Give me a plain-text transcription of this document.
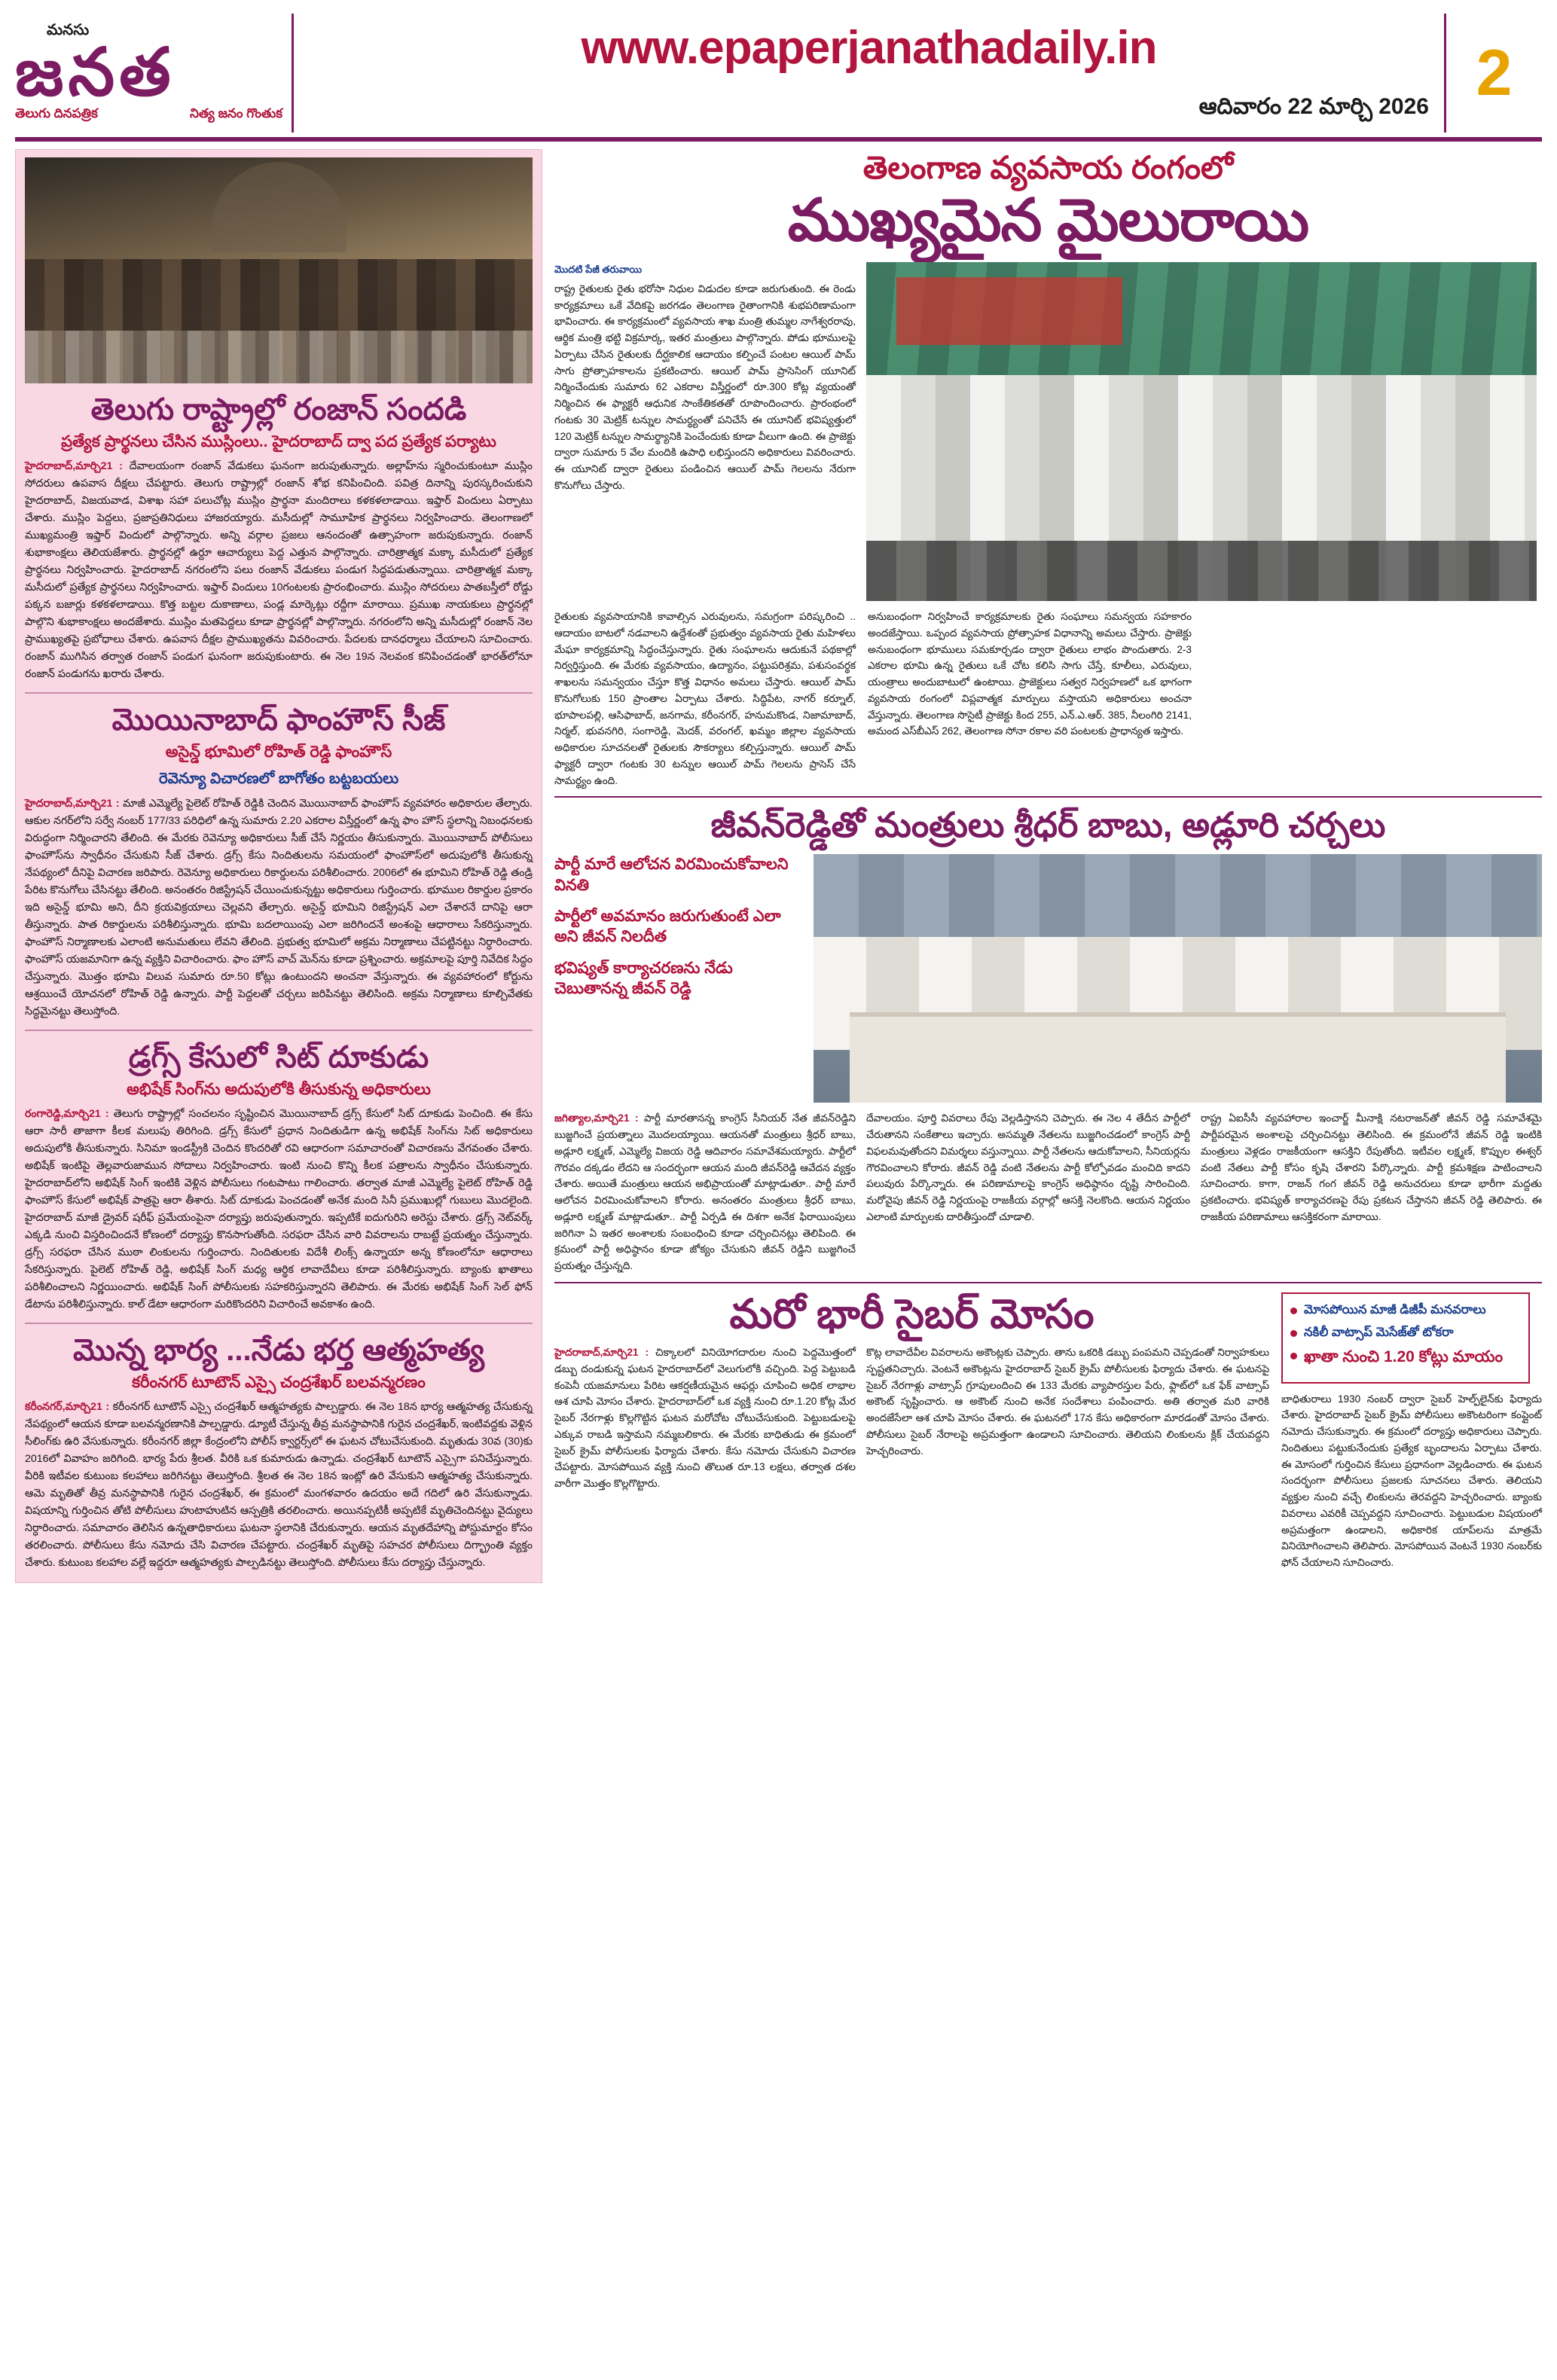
మనసు
జనత
తెలుగు దినపత్రిక	నిత్య జనం గొంతుక
www.epaperjanathadaily.in
ఆదివారం 22 మార్చి 2026 2
తెలుగు రాష్ట్రాల్లో రంజాన్ సందడి
ప్రత్యేక ప్రార్థనలు చేసిన ముస్లింలు.. హైదరాబాద్ ద్వా పద ప్రత్యేక పర్యాటు
హైదరాబాద్,మార్చి21 : దేవాలయంగా రంజాన్ వేడుకలు ఘనంగా జరుపుతున్నారు. అల్లాహ్‌ను స్మరించుకుంటూ ముస్లిం సోదరులు ఉపవాస దీక్షలు చేపట్టారు. తెలుగు రాష్ట్రాల్లో రంజాన్ శోభ కనిపించింది. పవిత్ర దినాన్ని పురస్కరించుకుని హైదరాబాద్, విజయవాడ, విశాఖ సహా పలుచోట్ల ముస్లిం ప్రార్థనా మందిరాలు కళకళలాడాయి. ఇఫ్తార్ విందులు ఏర్పాటు చేశారు. ముస్లిం పెద్దలు, ప్రజాప్రతినిధులు హాజరయ్యారు. మసీదుల్లో సామూహిక ప్రార్థనలు నిర్వహించారు. తెలంగాణలో ముఖ్యమంత్రి ఇఫ్తార్ విందులో పాల్గొన్నారు. అన్ని వర్గాల ప్రజలు ఆనందంతో ఉత్సాహంగా జరుపుకున్నారు. రంజాన్ శుభాకాంక్షలు తెలియజేశారు. ప్రార్థనల్లో ఉర్దూ ఆచార్యులు పెద్ద ఎత్తున పాల్గొన్నారు. చారిత్రాత్మక మక్కా మసీదులో ప్రత్యేక ప్రార్థనలు నిర్వహించారు. హైదరాబాద్ నగరంలోని పలు రంజాన్ వేడుకలు పండుగ సిద్ధపడుతున్నాయి. చారిత్రాత్మక మక్కా మసీదులో ప్రత్యేక ప్రార్థనలు నిర్వహించారు. ఇఫ్తార్ విందులు 10గంటలకు ప్రారంభించారు. ముస్లిం సోదరులు పాతబస్తీలో రోడ్డు పక్కన బజార్లు కళకళలాడాయి. కొత్త బట్టల దుకాణాలు, పండ్ల మార్కెట్లు రద్దీగా మారాయి. ప్రముఖ నాయకులు ప్రార్థనల్లో పాల్గొని శుభాకాంక్షలు అందజేశారు. ముస్లిం మతపెద్దలు కూడా ప్రార్థనల్లో పాల్గొన్నారు. నగరంలోని అన్ని మసీదుల్లో రంజాన్ నెల ప్రాముఖ్యతపై ప్రబోధాలు చేశారు. ఉపవాస దీక్షల ప్రాముఖ్యతను వివరించారు. పేదలకు దానధర్మాలు చేయాలని సూచించారు. రంజాన్ ముగిసిన తర్వాత రంజాన్ పండుగ ఘనంగా జరుపుకుంటారు. ఈ నెల 19న నెలవంక కనిపించడంతో భారత్‌లోనూ రంజాన్ పండుగను ఖరారు చేశారు.
మొయినాబాద్ ఫాంహౌస్ సీజ్
అసైన్డ్ భూమిలో రోహిత్ రెడ్డి ఫాంహౌస్
రెవెన్యూ విచారణలో బాగోతం బట్టబయలు
హైదరాబాద్,మార్చి21 : మాజీ ఎమ్మెల్యే పైలెట్ రోహిత్ రెడ్డికి చెందిన మొయినాబాద్ ఫాంహౌస్ వ్యవహారం అధికారుల తేల్చారు. ఆకుల నగర్‌లోని సర్వే నంబర్ 177/33 పరిధిలో ఉన్న సుమారు 2.20 ఎకరాల విస్తీర్ణంలో ఉన్న ఫాం హౌస్ స్థలాన్ని నిబంధనలకు విరుద్ధంగా నిర్మించారని తేలింది. ఈ మేరకు రెవెన్యూ అధికారులు సీజ్ చేసే నిర్ణయం తీసుకున్నారు. మొయినాబాద్ పోలీసులు ఫాంహౌస్‌ను స్వాధీనం చేసుకుని సీజ్ చేశారు. డ్రగ్స్ కేసు నిందితులను సమయంలో ఫాంహౌస్‌లో అదుపులోకి తీసుకున్న నేపథ్యంలో దీనిపై విచారణ జరిపారు. రెవెన్యూ అధికారులు రికార్డులను పరిశీలించారు. 2006లో ఈ భూమిని రోహిత్ రెడ్డి తండ్రి పేరిట కొనుగోలు చేసినట్టు తేలింది. అనంతరం రిజిస్ట్రేషన్ చేయించుకున్నట్టు అధికారులు గుర్తించారు. భూముల రికార్డుల ప్రకారం ఇది అసైన్డ్ భూమి అని, దీని క్రయవిక్రయాలు చెల్లవని తేల్చారు. అసైన్డ్ భూమిని రిజిస్ట్రేషన్ ఎలా చేశారనే దానిపై ఆరా తీస్తున్నారు. పాత రికార్డులను పరిశీలిస్తున్నారు. భూమి బదలాయింపు ఎలా జరిగిందనే అంశంపై ఆధారాలు సేకరిస్తున్నారు. ఫాంహౌస్ నిర్మాణాలకు ఎలాంటి అనుమతులు లేవని తేలింది. ప్రభుత్వ భూమిలో అక్రమ నిర్మాణాలు చేపట్టినట్టు నిర్ధారించారు. ఫాంహౌస్ యజమానిగా ఉన్న వ్యక్తిని విచారించారు. ఫాం హౌస్ వాచ్ మెన్‌ను కూడా ప్రశ్నించారు. అక్రమాలపై పూర్తి నివేదిక సిద్ధం చేస్తున్నారు. మొత్తం భూమి విలువ సుమారు రూ.50 కోట్లు ఉంటుందని అంచనా వేస్తున్నారు. ఈ వ్యవహారంలో కోర్టును ఆశ్రయించే యోచనలో రోహిత్ రెడ్డి ఉన్నారు. పార్టీ పెద్దలతో చర్చలు జరిపినట్టు తెలిసింది. అక్రమ నిర్మాణాలు కూల్చివేతకు సిద్ధమైనట్టు తెలుస్తోంది.
డ్రగ్స్ కేసులో సిట్ దూకుడు
అభిషేక్ సింగ్‌ను అదుపులోకి తీసుకున్న అధికారులు
రంగారెడ్డి,మార్చి21 : తెలుగు రాష్ట్రాల్లో సంచలనం సృష్టించిన మొయినాబాద్ డ్రగ్స్ కేసులో సిట్ దూకుడు పెంచింది. ఈ కేసు ఆరా సారీ తాజాగా కీలక మలుపు తిరిగింది. డ్రగ్స్ కేసులో ప్రధాన నిందితుడిగా ఉన్న అభిషేక్ సింగ్‌ను సిట్ అధికారులు అదుపులోకి తీసుకున్నారు. సినిమా ఇండస్ట్రీకి చెందిన కొందరితో రవి ఆధారంగా సమాచారంతో విచారణను వేగవంతం చేశారు. అభిషేక్ ఇంటిపై తెల్లవారుజామున సోదాలు నిర్వహించారు. ఇంటి నుంచి కొన్ని కీలక పత్రాలను స్వాధీనం చేసుకున్నారు. హైదరాబాద్‌లోని అభిషేక్ సింగ్ ఇంటికి వెళ్లిన పోలీసులు గంటపాటు గాలించారు. తర్వాత మాజీ ఎమ్మెల్యే పైలెట్ రోహిత్ రెడ్డి ఫాంహౌస్ కేసులో అభిషేక్ పాత్రపై ఆరా తీశారు. సిట్ దూకుడు పెంచడంతో అనేక మంది సినీ ప్రముఖుల్లో గుబులు మొదలైంది. హైదరాబాద్ మాజీ డ్రైవర్ షరీఫ్ ప్రమేయంపైనా దర్యాప్తు జరుపుతున్నారు. ఇప్పటికే ఐదుగురిని అరెస్టు చేశారు. డ్రగ్స్ నెట్‌వర్క్ ఎక్కడి నుంచి విస్తరించిందనే కోణంలో దర్యాప్తు కొనసాగుతోంది. సరఫరా చేసిన వారి వివరాలను రాబట్టే ప్రయత్నం చేస్తున్నారు. డ్రగ్స్ సరఫరా చేసిన ముఠా లింకులను గుర్తించారు. నిందితులకు విదేశీ లింక్స్ ఉన్నాయా అన్న కోణంలోనూ ఆధారాలు సేకరిస్తున్నారు. పైలెట్ రోహిత్ రెడ్డి, అభిషేక్ సింగ్ మధ్య ఆర్థిక లావాదేవీలు కూడా పరిశీలిస్తున్నారు. బ్యాంకు ఖాతాలు పరిశీలించాలని నిర్ణయించారు. అభిషేక్ సింగ్ పోలీసులకు సహకరిస్తున్నారని తెలిపారు. ఈ మేరకు అభిషేక్ సింగ్ సెల్ ఫోన్ డేటాను పరిశీలిస్తున్నారు. కాల్ డేటా ఆధారంగా మరికొందరిని విచారించే అవకాశం ఉంది.
మొన్న భార్య ...నేడు భర్త ఆత్మహత్య
కరీంనగర్ టూటౌన్ ఎస్సై చంద్రశేఖర్ బలవన్మరణం
కరీంనగర్,మార్చి21 : కరీంనగర్ టూటౌన్ ఎస్సై చంద్రశేఖర్ ఆత్మహత్యకు పాల్పడ్డారు. ఈ నెల 18న భార్య ఆత్మహత్య చేసుకున్న నేపథ్యంలో ఆయన కూడా బలవన్మరణానికి పాల్పడ్డారు. డ్యూటీ చేస్తున్న తీవ్ర మనస్థాపానికి గురైన చంద్రశేఖర్, ఇంటివద్దకు వెళ్లిన సీలింగ్‌కు ఉరి వేసుకున్నారు. కరీంనగర్ జిల్లా కేంద్రంలోని పోలీస్ క్వార్టర్స్‌లో ఈ ఘటన చోటుచేసుకుంది. మృతుడు 30వ (30)కు 2016లో వివాహం జరిగింది. భార్య పేరు శ్రీలత. వీరికి ఒక కుమారుడు ఉన్నాడు. చంద్రశేఖర్ టూటౌన్ ఎస్సైగా పనిచేస్తున్నారు. వీరికి ఇటీవల కుటుంబ కలహాలు జరిగినట్టు తెలుస్తోంది. శ్రీలత ఈ నెల 18న ఇంట్లో ఉరి వేసుకుని ఆత్మహత్య చేసుకున్నారు. ఆమె మృతితో తీవ్ర మనస్థాపానికి గురైన చంద్రశేఖర్, ఈ క్రమంలో మంగళవారం ఉదయం అదే గదిలో ఉరి వేసుకున్నాడు. విషయాన్ని గుర్తించిన తోటి పోలీసులు హుటాహుటిన ఆస్పత్రికి తరలించారు. అయినప్పటికీ అప్పటికే మృతిచెందినట్టు వైద్యులు నిర్ధారించారు. సమాచారం తెలిసిన ఉన్నతాధికారులు ఘటనా స్థలానికి చేరుకున్నారు. ఆయన మృతదేహాన్ని పోస్టుమార్టం కోసం తరలించారు. పోలీసులు కేసు నమోదు చేసి విచారణ చేపట్టారు. చంద్రశేఖర్ మృతిపై సహచర పోలీసులు దిగ్భ్రాంతి వ్యక్తం చేశారు. కుటుంబ కలహాల వల్లే ఇద్దరూ ఆత్మహత్యకు పాల్పడినట్టు తెలుస్తోంది. పోలీసులు కేసు దర్యాప్తు చేస్తున్నారు.
తెలంగాణ వ్యవసాయ రంగంలో
ముఖ్యమైన మైలురాయి
మొదటి పేజీ తరువాయి
రాష్ట్ర రైతులకు రైతు భరోసా నిధుల విడుదల కూడా జరుగుతుంది. ఈ రెండు కార్యక్రమాలు ఒకే వేదికపై జరగడం తెలంగాణ రైతాంగానికి శుభపరిణామంగా భావించారు. ఈ కార్యక్రమంలో వ్యవసాయ శాఖ మంత్రి తుమ్మల నాగేశ్వరరావు, ఆర్థిక మంత్రి భట్టి విక్రమార్క, ఇతర మంత్రులు పాల్గొన్నారు. పోడు భూములపై ఏర్పాటు చేసిన రైతులకు దీర్ఘకాలిక ఆదాయం కల్పించే పంటల ఆయిల్ పామ్ సాగు ప్రోత్సాహకాలను ప్రకటించారు. ఆయిల్ పామ్ ప్రాసెసింగ్ యూనిట్ నిర్మించేందుకు సుమారు 62 ఎకరాల విస్తీర్ణంలో రూ.300 కోట్ల వ్యయంతో నిర్మించిన ఈ ఫ్యాక్టరీ ఆధునిక సాంకేతికతతో రూపొందించారు. ప్రారంభంలో గంటకు 30 మెట్రిక్ టన్నుల సామర్థ్యంతో పనిచేసే ఈ యూనిట్ భవిష్యత్తులో 120 మెట్రిక్ టన్నుల సామర్థ్యానికి పెంచేందుకు కూడా వీలుగా ఉంది. ఈ ప్రాజెక్టు ద్వారా సుమారు 5 వేల మందికి ఉపాధి లభిస్తుందని అధికారులు వివరించారు. ఈ యూనిట్ ద్వారా రైతులు పండించిన ఆయిల్ పామ్ గెలలను నేరుగా కొనుగోలు చేస్తారు.
రైతులకు వ్యవసాయానికి కావాల్సిన ఎరువులను, సమగ్రంగా పరిష్కరించి .. ఆదాయం బాటలో నడవాలని ఉద్దేశంతో ప్రభుత్వం వ్యవసాయ రైతు మహిళలు మేఘా కార్యక్రమాన్ని సిద్ధంచేస్తున్నారు. రైతు సంఘాలను ఆదుకునే పథకాల్లో నిర్వర్తిస్తుంది. ఈ మేరకు వ్యవసాయం, ఉద్యానం, పట్టుపరిశ్రమ, పశుసంవర్థక శాఖలను సమన్వయం చేస్తూ కొత్త విధానం అమలు చేస్తారు. ఆయిల్ పామ్ కొనుగోలుకు 150 ప్రాంతాల ఏర్పాటు చేశారు. సిద్ధిపేట, నాగర్ కర్నూల్, భూపాలపల్లి, ఆసిఫాబాద్, జనగామ, కరీంనగర్, హనుమకొండ, నిజామాబాద్, నిర్మల్, భువనగిరి, సంగారెడ్డి, మెదక్, వరంగల్, ఖమ్మం జిల్లాల వ్యవసాయ అధికారుల సూచనలతో రైతులకు సౌకర్యాలు కల్పిస్తున్నారు. ఆయిల్ పామ్ ఫ్యాక్టరీ ద్వారా గంటకు 30 టన్నుల ఆయిల్ పామ్ గెలలను ప్రాసెస్ చేసే సామర్థ్యం ఉంది.
అనుబంధంగా నిర్వహించే కార్యక్రమాలకు రైతు సంఘాలు సమన్వయ సహకారం అందజేస్తాయి. ఒప్పంద వ్యవసాయ ప్రోత్సాహక విధానాన్ని అమలు చేస్తారు. ప్రాజెక్టు అనుబంధంగా భూములు సమకూర్చడం ద్వారా రైతులు లాభం పొందుతారు. 2-3 ఎకరాల భూమి ఉన్న రైతులు ఒకే చోట కలిసి సాగు చేస్తే, కూలీలు, ఎరువులు, యంత్రాలు అందుబాటులో ఉంటాయి. ప్రాజెక్టులు సత్వర నిర్వహణలో ఒక భాగంగా వ్యవసాయ రంగంలో విప్లవాత్మక మార్పులు వస్తాయని అధికారులు అంచనా వేస్తున్నారు. తెలంగాణ సొసైటీ ప్రాజెక్టు కింద 255, ఎన్.ఎ.ఆర్. 385, నీలంగిరి 2141, అమంద ఎస్‌బీఎస్ 262, తెలంగాణ సోనా రకాల వరి పంటలకు ప్రాధాన్యత ఇస్తారు.
జీవన్‌రెడ్డితో మంత్రులు శ్రీధర్ బాబు, అడ్లూరి చర్చలు
పార్టీ మారే ఆలోచన విరమించుకోవాలని వినతి
పార్టీలో అవమానం జరుగుతుంటే ఎలా అని జీవన్ నిలదీత
భవిష్యత్ కార్యాచరణను నేడు చెబుతానన్న జీవన్ రెడ్డి
జగిత్యాల,మార్చి21 : పార్టీ మారతానన్న కాంగ్రెస్ సీనియర్ నేత జీవన్‌రెడ్డిని బుజ్జగించే ప్రయత్నాలు మొదలయ్యాయి. ఆయనతో మంత్రులు శ్రీధర్ బాబు, అడ్లూరి లక్ష్మణ్, ఎమ్మెల్యే విజయ రెడ్డి ఆదివారం సమావేశమయ్యారు. పార్టీలో గౌరవం దక్కడం లేదని ఆ సందర్భంగా ఆయన మంది జీవన్‌రెడ్డి ఆవేదన వ్యక్తం చేశారు. అయితే మంత్రులు ఆయన అభిప్రాయంతో మాట్లాడుతూ.. పార్టీ మారే ఆలోచన విరమించుకోవాలని కోరారు. అనంతరం మంత్రులు శ్రీధర్ బాబు, అడ్లూరి లక్ష్మణ్ మాట్లాడుతూ.. పార్టీ ఏర్పడి ఈ దిశగా అనేక ఫిరాయింపులు జరిగినా ఏ ఇతర అంశాలకు సంబంధించి కూడా చర్చించినట్లు తెలిపింది. ఈ క్రమంలో పార్టీ అధిష్ఠానం కూడా జోక్యం చేసుకుని జీవన్ రెడ్డిని బుజ్జగించే ప్రయత్నం చేస్తున్నది.
దేవాలయం. పూర్తి వివరాలు రేపు వెల్లడిస్తానని చెప్పారు. ఈ నెల 4 తేదీన పార్టీలో చేరుతానని సంకేతాలు ఇచ్చారు. అసమ్మతి నేతలను బుజ్జగించడంలో కాంగ్రెస్ పార్టీ విఫలమవుతోందని విమర్శలు వస్తున్నాయి. పార్టీ నేతలను ఆదుకోవాలని, సీనియర్లను గౌరవించాలని కోరారు. జీవన్ రెడ్డి వంటి నేతలను పార్టీ కోల్పోవడం మంచిది కాదని పలువురు పేర్కొన్నారు. ఈ పరిణామాలపై కాంగ్రెస్ అధిష్ఠానం దృష్టి సారించింది. మరోవైపు జీవన్ రెడ్డి నిర్ణయంపై రాజకీయ వర్గాల్లో ఆసక్తి నెలకొంది. ఆయన నిర్ణయం ఎలాంటి మార్పులకు దారితీస్తుందో చూడాలి.
రాష్ట్ర ఏఐసీసీ వ్యవహారాల ఇంచార్జ్ మీనాక్షి నటరాజన్‌తో జీవన్ రెడ్డి సమావేశమై పార్టీపరమైన అంశాలపై చర్చించినట్టు తెలిసింది. ఈ క్రమంలోనే జీవన్ రెడ్డి ఇంటికి మంత్రులు వెళ్లడం రాజకీయంగా ఆసక్తిని రేపుతోంది. ఇటీవల లక్ష్మణ్, కొప్పుల ఈశ్వర్ వంటి నేతలు పార్టీ కోసం కృషి చేశారని పేర్కొన్నారు. పార్టీ క్రమశిక్షణ పాటించాలని సూచించారు. కాగా, రాజన్ గంగ జీవన్ రెడ్డి అనుచరులు కూడా భారీగా మద్దతు ప్రకటించారు. భవిష్యత్ కార్యాచరణపై రేపు ప్రకటన చేస్తానని జీవన్ రెడ్డి తెలిపారు. ఈ రాజకీయ పరిణామాలు ఆసక్తికరంగా మారాయి.
మరో భారీ సైబర్ మోసం
హైదరాబాద్,మార్చి21 : చిక్కాలలో వినియోగదారుల నుంచి పెద్దమొత్తంలో డబ్బు దండుకున్న ఘటన హైదరాబాద్‌లో వెలుగులోకి వచ్చింది. పెద్ద పెట్టుబడి కంపెనీ యజమానులు పేరిట ఆకర్షణీయమైన ఆఫర్లు చూపించి అధిక లాభాల ఆశ చూపి మోసం చేశారు. హైదరాబాద్‌లో ఒక వ్యక్తి నుంచి రూ.1.20 కోట్ల మేర సైబర్ నేరగాళ్లు కొల్లగొట్టిన ఘటన మరోచోట చోటుచేసుకుంది. పెట్టుబడులపై ఎక్కువ రాబడి ఇస్తామని నమ్మబలికారు. ఈ మేరకు బాధితుడు ఈ క్రమంలో సైబర్ క్రైమ్ పోలీసులకు ఫిర్యాదు చేశారు. కేసు నమోదు చేసుకుని విచారణ చేపట్టారు. మోసపోయిన వ్యక్తి నుంచి తొలుత రూ.13 లక్షలు, తర్వాత దశల వారీగా మొత్తం కొల్లగొట్టారు.
కొట్ల లావాదేవీల వివరాలను అకౌంట్లకు చెప్పారు. తాను ఒకరికి డబ్బు పంపమని చెప్పడంతో నిర్వాహకులు స్పష్టతనిచ్చారు. వెంటనే అకౌంట్లను హైదరాబాద్ సైబర్ క్రైమ్ పోలీసులకు ఫిర్యాదు చేశారు. ఈ ఘటనపై సైబర్ నేరగాళ్లు వాట్సాప్ గ్రూపులందించి ఈ 133 మేరకు వ్యాపారస్తుల పేరు, ఫ్లాట్‌లో ఒక ఫేక్ వాట్సాప్ అకౌంట్ సృష్టించారు. ఆ అకౌంట్ నుంచి అనేక సందేశాలు పంపించారు. అతి తర్వాత మరి వారికి అందజేసేలా ఆశ చూపి మోసం చేశారు. ఈ ఘటనలో 17న కేసు అధికారంగా మారడంతో మోసం చేశారు. పోలీసులు సైబర్ నేరాలపై అప్రమత్తంగా ఉండాలని సూచించారు. తెలియని లింకులను క్లిక్ చేయవద్దని హెచ్చరించారు.
మోసపోయిన మాజీ డిజీపీ మనవరాలు
నకిలీ వాట్సాప్ మెసేజ్‌తో టోకరా
ఖాతా నుంచి 1.20 కోట్లు మాయం
బాధితురాలు 1930 నంబర్ ద్వారా సైబర్ హెల్ప్‌లైన్‌కు ఫిర్యాదు చేశారు. హైదరాబాద్ సైబర్ క్రైమ్ పోలీసులు అకౌంటరింగా కంప్లైంట్ నమోదు చేసుకున్నారు. ఈ క్రమంలో దర్యాప్తు అధికారులు చెప్పారు. నిందితులు పట్టుకునేందుకు ప్రత్యేక బృందాలను ఏర్పాటు చేశారు. ఈ మోసంలో గుర్తించిన కేసులు ప్రధానంగా వెల్లడించారు. ఈ ఘటన సందర్భంగా పోలీసులు ప్రజలకు సూచనలు చేశారు. తెలియని వ్యక్తుల నుంచి వచ్చే లింకులను తెరవద్దని హెచ్చరించారు. బ్యాంకు వివరాలు ఎవరికీ చెప్పవద్దని సూచించారు. పెట్టుబడుల విషయంలో అప్రమత్తంగా ఉండాలని, అధికారిక యాప్‌లను మాత్రమే వినియోగించాలని తెలిపారు. మోసపోయిన వెంటనే 1930 నంబర్‌కు ఫోన్ చేయాలని సూచించారు.
